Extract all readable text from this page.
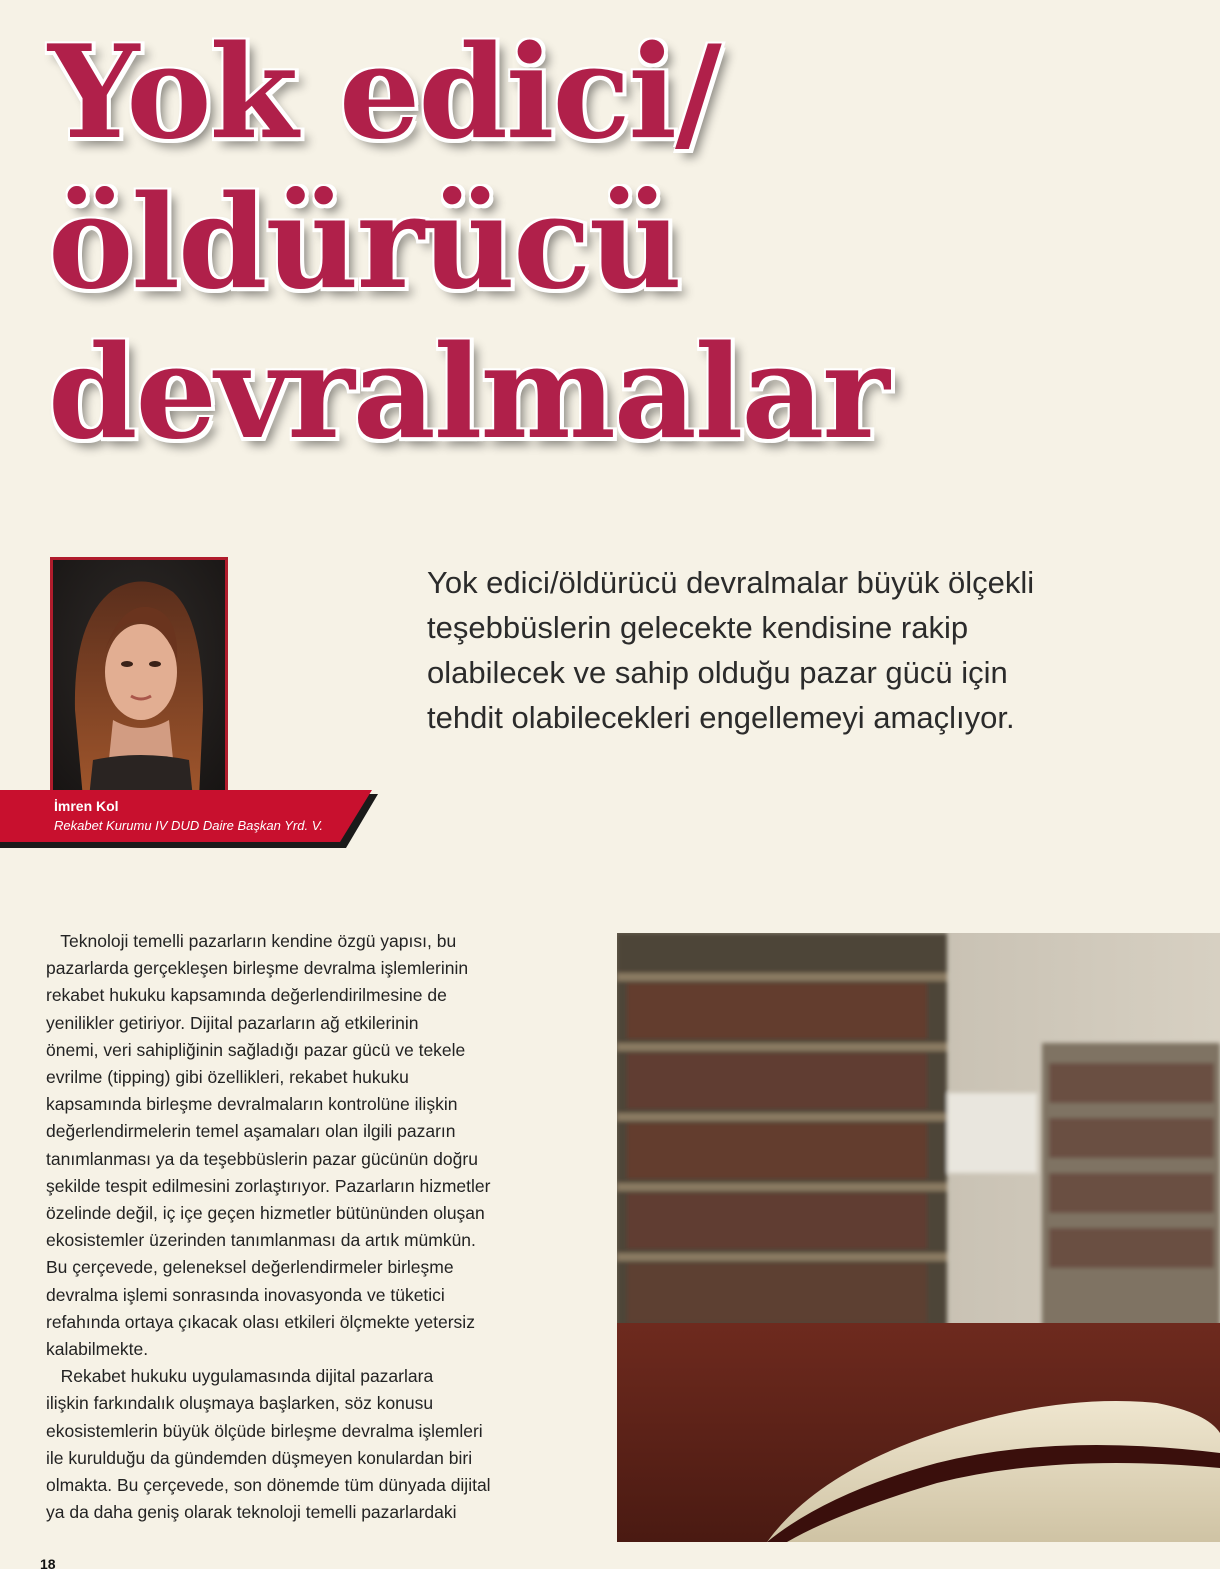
Yok edici/
öldürücü
devralmalar
İmren Kol
Rekabet Kurumu IV DUD Daire Başkan Yrd. V.
Yok edici/öldürücü devralmalar büyük ölçekli
teşebbüslerin gelecekte kendisine rakip
olabilecek ve sahip olduğu pazar gücü için
tehdit olabilecekleri engellemeyi amaçlıyor.
Teknoloji temelli pazarların kendine özgü yapısı, bu
pazarlarda gerçekleşen birleşme devralma işlemlerinin
rekabet hukuku kapsamında değerlendirilmesine de
yenilikler getiriyor. Dijital pazarların ağ etkilerinin
önemi, veri sahipliğinin sağladığı pazar gücü ve tekele
evrilme (tipping) gibi özellikleri, rekabet hukuku
kapsamında birleşme devralmaların kontrolüne ilişkin
değerlendirmelerin temel aşamaları olan ilgili pazarın
tanımlanması ya da teşebbüslerin pazar gücünün doğru
şekilde tespit edilmesini zorlaştırıyor. Pazarların hizmetler
özelinde değil, iç içe geçen hizmetler bütününden oluşan
ekosistemler üzerinden tanımlanması da artık mümkün.
Bu çerçevede, geleneksel değerlendirmeler birleşme
devralma işlemi sonrasında inovasyonda ve tüketici
refahında ortaya çıkacak olası etkileri ölçmekte yetersiz
kalabilmekte.
Rekabet hukuku uygulamasında dijital pazarlara
ilişkin farkındalık oluşmaya başlarken, söz konusu
ekosistemlerin büyük ölçüde birleşme devralma işlemleri
ile kurulduğu da gündemden düşmeyen konulardan biri
olmakta. Bu çerçevede, son dönemde tüm dünyada dijital
ya da daha geniş olarak teknoloji temelli pazarlardaki
18
